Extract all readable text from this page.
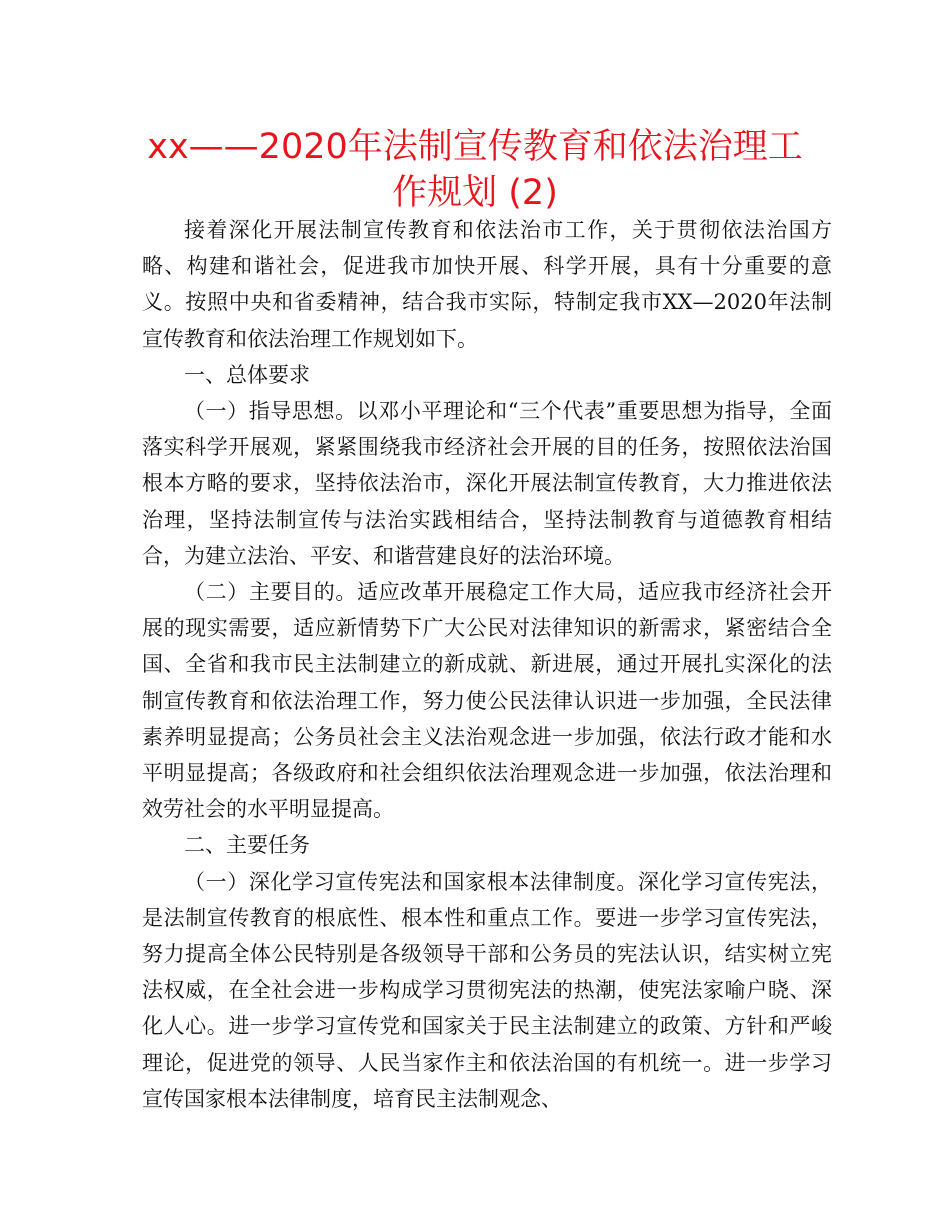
xx——2020年法制宣传教育和依法治理工
作规划 (2)

接着深化开展法制宣传教育和依法治市工作，关于贯彻依法治国方略、构建和谐社会，促进我市加快开展、科学开展，具有十分重要的意义。按照中央和省委精神，结合我市实际，特制定我市XX—2020年法制宣传教育和依法治理工作规划如下。

一、总体要求

（一）指导思想。以邓小平理论和“三个代表”重要思想为指导，全面落实科学开展观，紧紧围绕我市经济社会开展的目的任务，按照依法治国根本方略的要求，坚持依法治市，深化开展法制宣传教育，大力推进依法治理，坚持法制宣传与法治实践相结合，坚持法制教育与道德教育相结合，为建立法治、平安、和谐营建良好的法治环境。

（二）主要目的。适应改革开展稳定工作大局，适应我市经济社会开展的现实需要，适应新情势下广大公民对法律知识的新需求，紧密结合全国、全省和我市民主法制建立的新成就、新进展，通过开展扎实深化的法制宣传教育和依法治理工作，努力使公民法律认识进一步加强，全民法律素养明显提高；公务员社会主义法治观念进一步加强，依法行政才能和水平明显提高；各级政府和社会组织依法治理观念进一步加强，依法治理和效劳社会的水平明显提高。

二、主要任务

（一）深化学习宣传宪法和国家根本法律制度。深化学习宣传宪法，是法制宣传教育的根底性、根本性和重点工作。要进一步学习宣传宪法，努力提高全体公民特别是各级领导干部和公务员的宪法认识，结实树立宪法权威，在全社会进一步构成学习贯彻宪法的热潮，使宪法家喻户晓、深化人心。进一步学习宣传党和国家关于民主法制建立的政策、方针和严峻理论，促进党的领导、人民当家作主和依法治国的有机统一。进一步学习宣传国家根本法律制度，培育民主法制观念、
